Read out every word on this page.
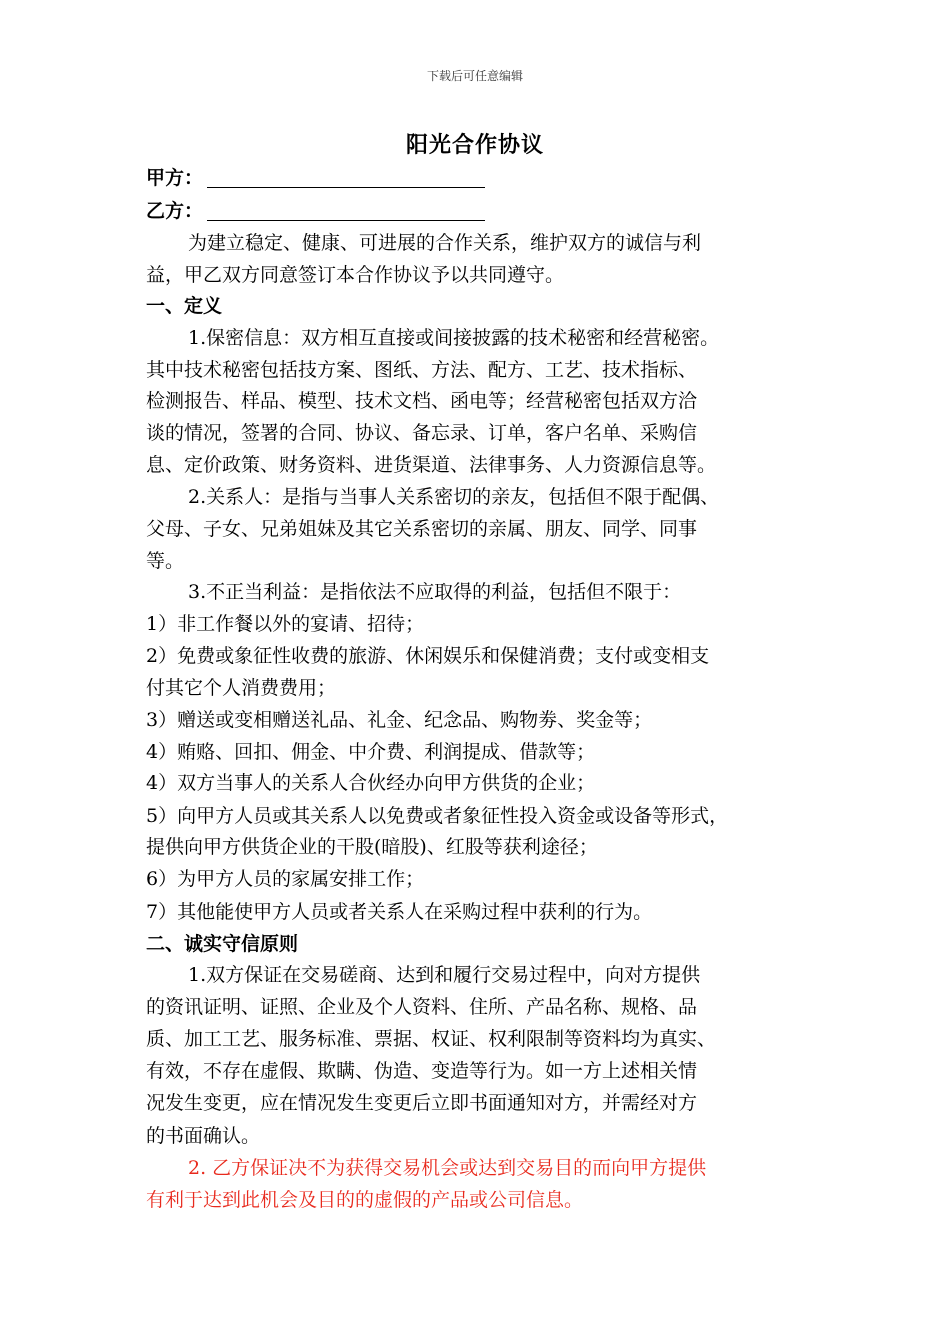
下载后可任意编辑
阳光合作协议
甲方：
乙方：
为建立稳定、健康、可进展的合作关系，维护双方的诚信与利
益，甲乙双方同意签订本合作协议予以共同遵守。
一、定义
1.保密信息：双方相互直接或间接披露的技术秘密和经营秘密。
其中技术秘密包括技方案、图纸、方法、配方、工艺、技术指标、
检测报告、样品、模型、技术文档、函电等；经营秘密包括双方洽
谈的情况，签署的合同、协议、备忘录、订单，客户名单、采购信
息、定价政策、财务资料、进货渠道、法律事务、人力资源信息等。
2.关系人：是指与当事人关系密切的亲友，包括但不限于配偶、
父母、子女、兄弟姐妹及其它关系密切的亲属、朋友、同学、同事
等。
3.不正当利益：是指依法不应取得的利益，包括但不限于：
1）非工作餐以外的宴请、招待；
2）免费或象征性收费的旅游、休闲娱乐和保健消费；支付或变相支
付其它个人消费费用；
3）赠送或变相赠送礼品、礼金、纪念品、购物劵、奖金等；
4）贿赂、回扣、佣金、中介费、利润提成、借款等；
4）双方当事人的关系人合伙经办向甲方供货的企业；
5）向甲方人员或其关系人以免费或者象征性投入资金或设备等形式，
提供向甲方供货企业的干股(暗股)、红股等获利途径；
6）为甲方人员的家属安排工作；
7）其他能使甲方人员或者关系人在采购过程中获利的行为。
二、诚实守信原则
1.双方保证在交易磋商、达到和履行交易过程中，向对方提供
的资讯证明、证照、企业及个人资料、住所、产品名称、规格、品
质、加工工艺、服务标准、票据、权证、权利限制等资料均为真实、
有效，不存在虚假、欺瞒、伪造、变造等行为。如一方上述相关情
况发生变更，应在情况发生变更后立即书面通知对方，并需经对方
的书面确认。
2. 乙方保证决不为获得交易机会或达到交易目的而向甲方提供
有利于达到此机会及目的的虚假的产品或公司信息。
